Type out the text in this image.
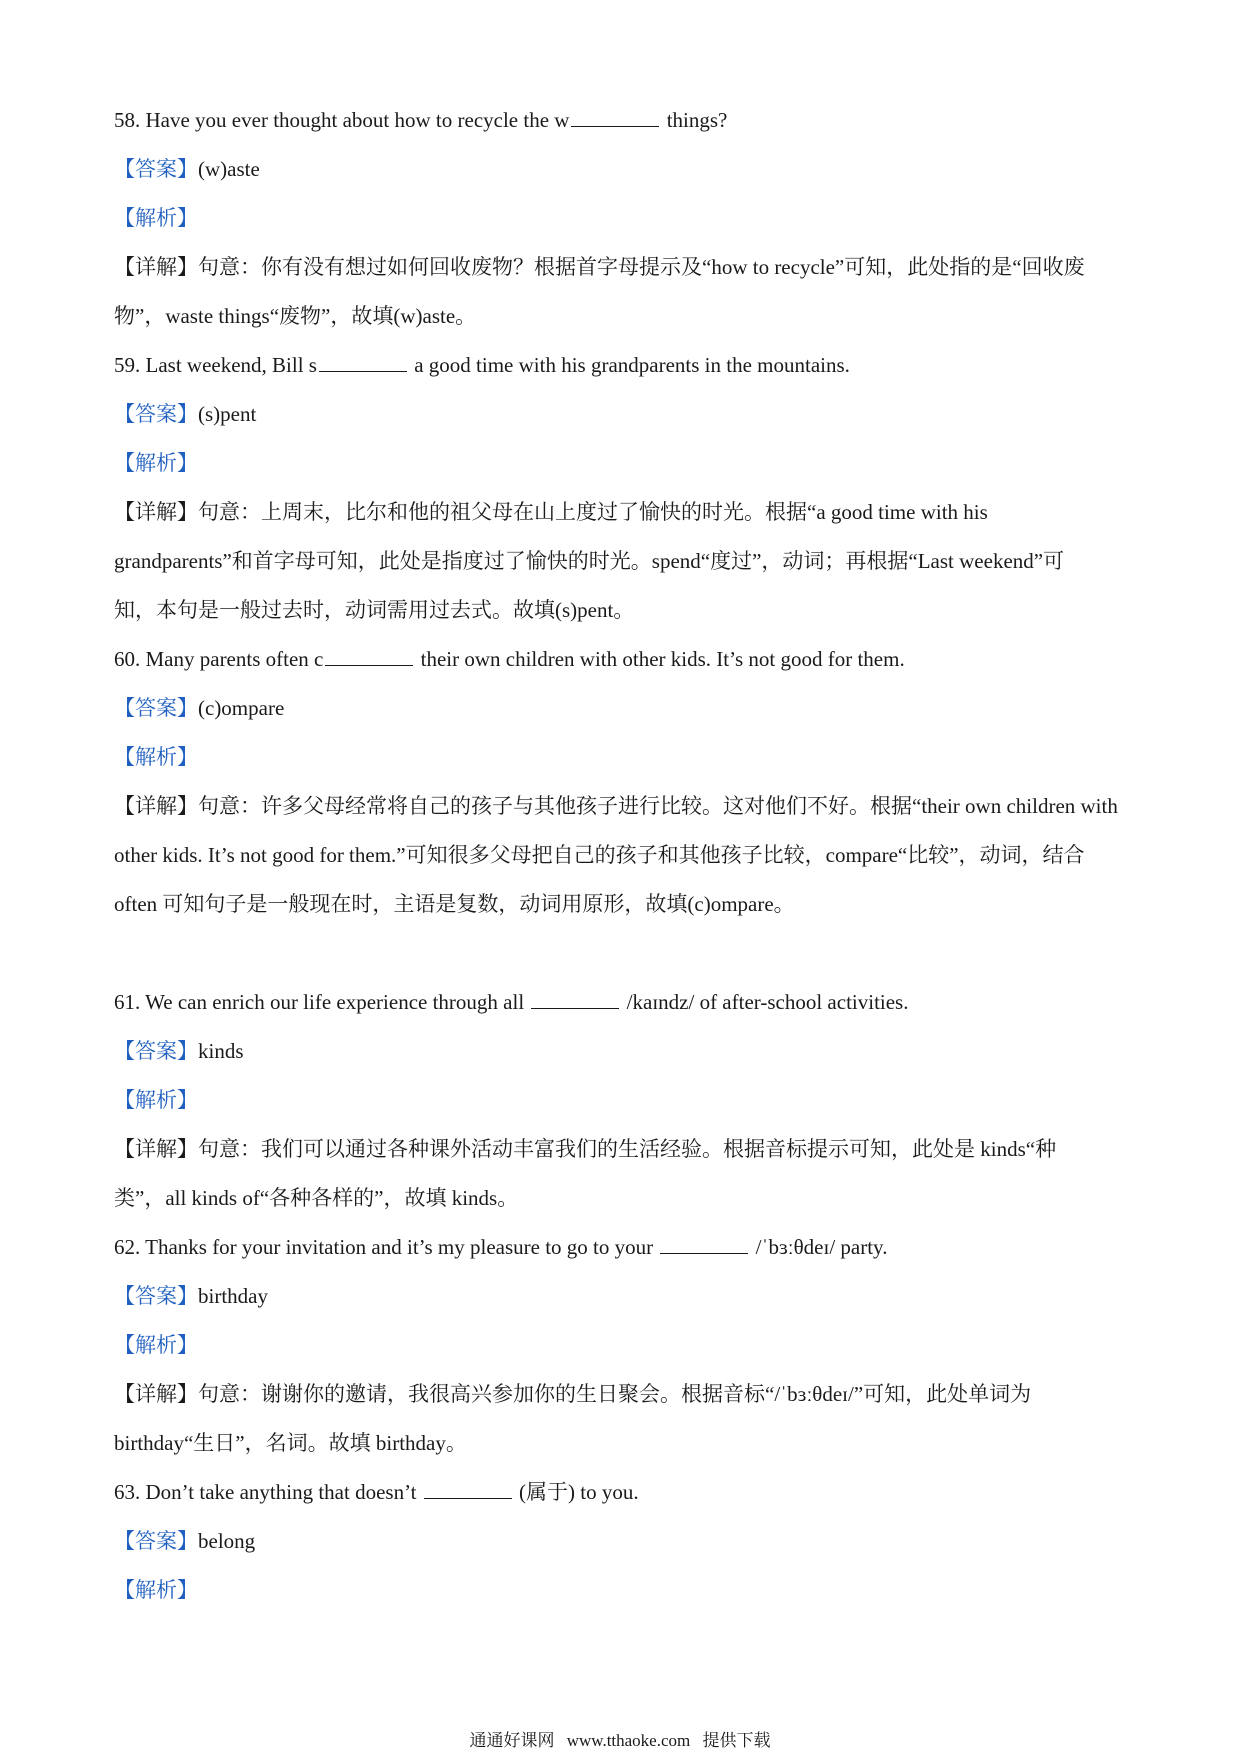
58. Have you ever thought about how to recycle the w	things?
【答案】(w)aste
【解析】
【详解】句意：你有没有想过如何回收废物？根据首字母提示及“how to recycle”可知，此处指的是“回收废
物”，waste things“废物”，故填(w)aste。
59. Last weekend, Bill s	a good time with his grandparents in the mountains.
【答案】(s)pent
【解析】
【详解】句意：上周末，比尔和他的祖父母在山上度过了愉快的时光。根据“a good time with his
grandparents”和首字母可知，此处是指度过了愉快的时光。spend“度过”，动词；再根据“Last weekend”可
知，本句是一般过去时，动词需用过去式。故填(s)pent。
60. Many parents often c	their own children with other kids. It’s not good for them.
【答案】(c)ompare
【解析】
【详解】句意：许多父母经常将自己的孩子与其他孩子进行比较。这对他们不好。根据“their own children with
other kids. It’s not good for them.”可知很多父母把自己的孩子和其他孩子比较，compare“比较”，动词，结合
often 可知句子是一般现在时，主语是复数，动词用原形，故填(c)ompare。
61. We can enrich our life experience through all	/kaɪndz/ of after-school activities.
【答案】kinds
【解析】
【详解】句意：我们可以通过各种课外活动丰富我们的生活经验。根据音标提示可知，此处是 kinds“种
类”，all kinds of“各种各样的”，故填 kinds。
62. Thanks for your invitation and it’s my pleasure to go to your	/ˈbɜːθdeɪ/ party.
【答案】birthday
【解析】
【详解】句意：谢谢你的邀请，我很高兴参加你的生日聚会。根据音标“/ˈbɜːθdeɪ/”可知，此处单词为
birthday“生日”，名词。故填 birthday。
63. Don’t take anything that doesn’t	(属于) to you.
【答案】belong
【解析】
通通好课网 www.tthaoke.com 提供下载
